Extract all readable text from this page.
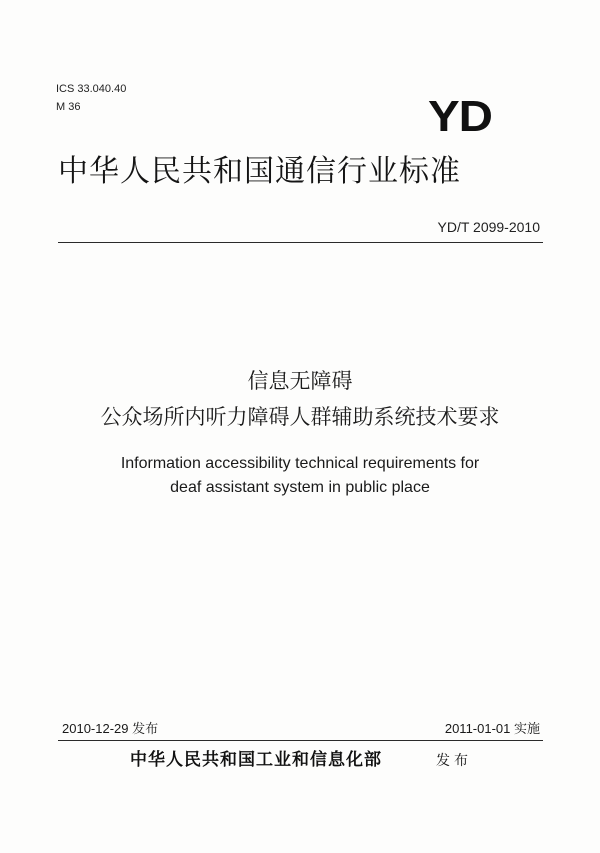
ICS 33.040.40
M 36	YD
中华人民共和国通信行业标准
YD/T 2099-2010
信息无障碍
公众场所内听力障碍人群辅助系统技术要求
Information accessibility technical requirements for
deaf assistant system in public place
2010-12-29 发布	2011-01-01 实施
中华人民共和国工业和信息化部	发布
